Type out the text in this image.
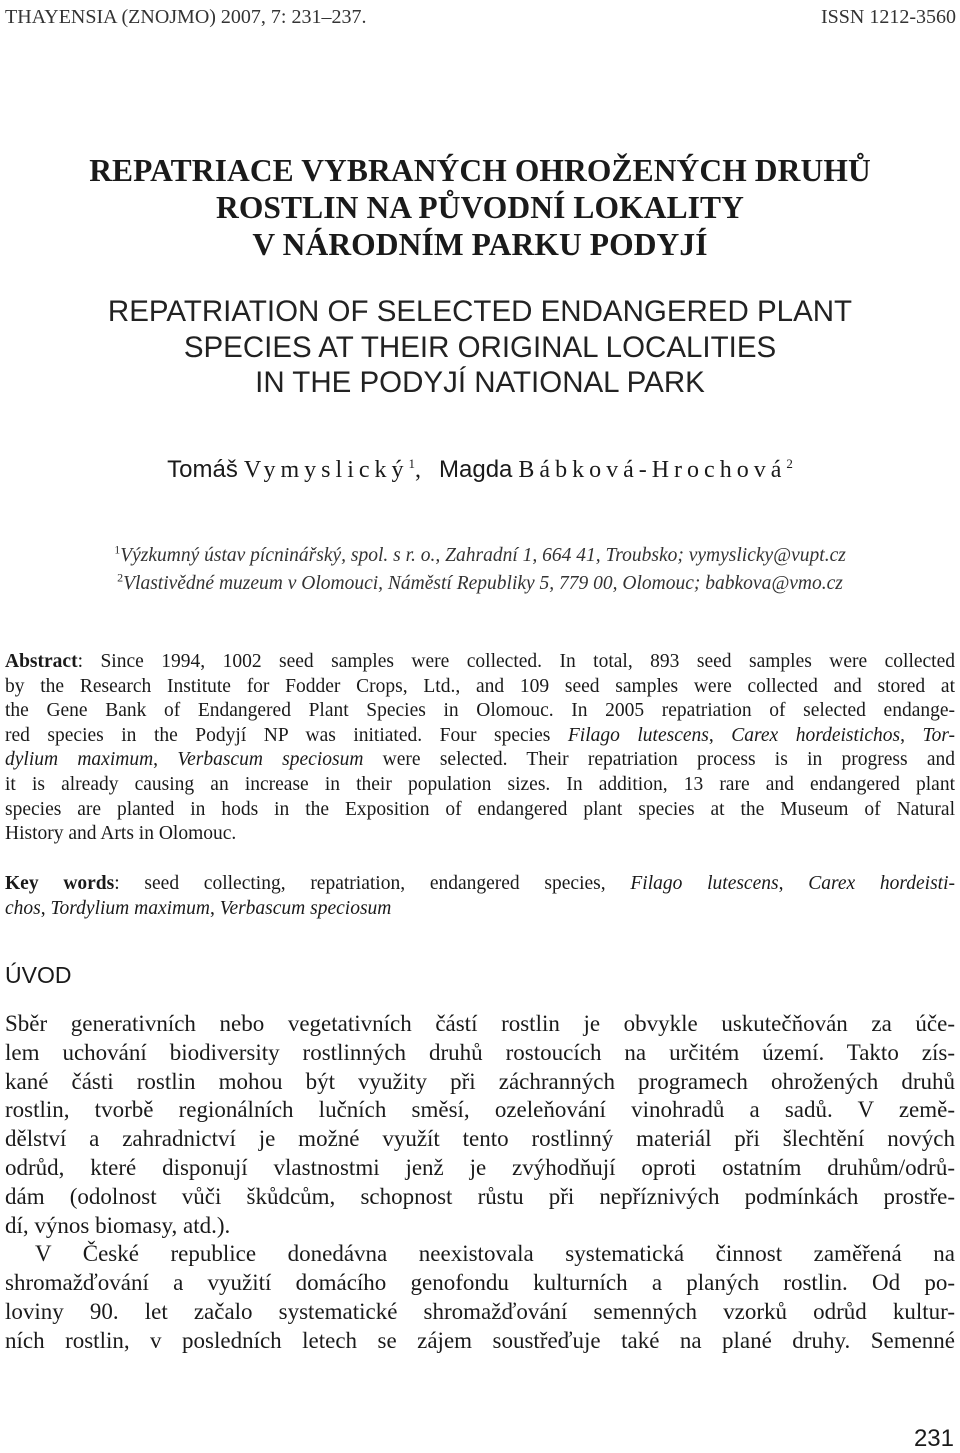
THAYENSIA (ZNOJMO) 2007, 7: 231–237.	ISSN 1212-3560
REPATRIACE VYBRANÝCH OHROŽENÝCH DRUHŮ
ROSTLIN NA PŮVODNÍ LOKALITY
V NÁRODNÍM PARKU PODYJÍ
REPATRIATION OF SELECTED ENDANGERED PLANT
SPECIES AT THEIR ORIGINAL LOCALITIES
IN THE PODYJÍ NATIONAL PARK
Tomáš Vymyslický$^1$, Magda Bábková-Hrochová$^2$
$^1$Výzkumný ústav pícninářský, spol. s r. o., Zahradní 1, 664 41, Troubsko; vymyslicky@vupt.cz
$^2$Vlastivědné muzeum v Olomouci, Náměstí Republiky 5, 779 00, Olomouc; babkova@vmo.cz
Abstract: Since 1994, 1002 seed samples were collected. In total, 893 seed samples were collected
by the Research Institute for Fodder Crops, Ltd., and 109 seed samples were collected and stored at
the Gene Bank of Endangered Plant Species in Olomouc. In 2005 repatriation of selected endange-
red species in the Podyjí NP was initiated. Four species Filago lutescens, Carex hordeistichos, Tor-
dylium maximum, Verbascum speciosum were selected. Their repatriation process is in progress and
it is already causing an increase in their population sizes. In addition, 13 rare and endangered plant
species are planted in hods in the Exposition of endangered plant species at the Museum of Natural
History and Arts in Olomouc.
Key words: seed collecting, repatriation, endangered species, Filago lutescens, Carex hordeisti-
chos, Tordylium maximum, Verbascum speciosum
ÚVOD
Sběr generativních nebo vegetativních částí rostlin je obvykle uskutečňován za úče-
lem uchování biodiversity rostlinných druhů rostoucích na určitém území. Takto zís-
kané části rostlin mohou být využity při záchranných programech ohrožených druhů
rostlin, tvorbě regionálních lučních směsí, ozeleňování vinohradů a sadů. V země-
dělství a zahradnictví je možné využít tento rostlinný materiál při šlechtění nových
odrůd, které disponují vlastnostmi jenž je zvýhodňují oproti ostatním druhům/odrů-
dám (odolnost vůči škůdcům, schopnost růstu při nepříznivých podmínkách prostře-
dí, výnos biomasy, atd.).
V České republice donedávna neexistovala systematická činnost zaměřená na
shromažďování a využití domácího genofondu kulturních a planých rostlin. Od po-
loviny 90. let začalo systematické shromažďování semenných vzorků odrůd kultur-
ních rostlin, v posledních letech se zájem soustřeďuje také na plané druhy. Semenné
231
